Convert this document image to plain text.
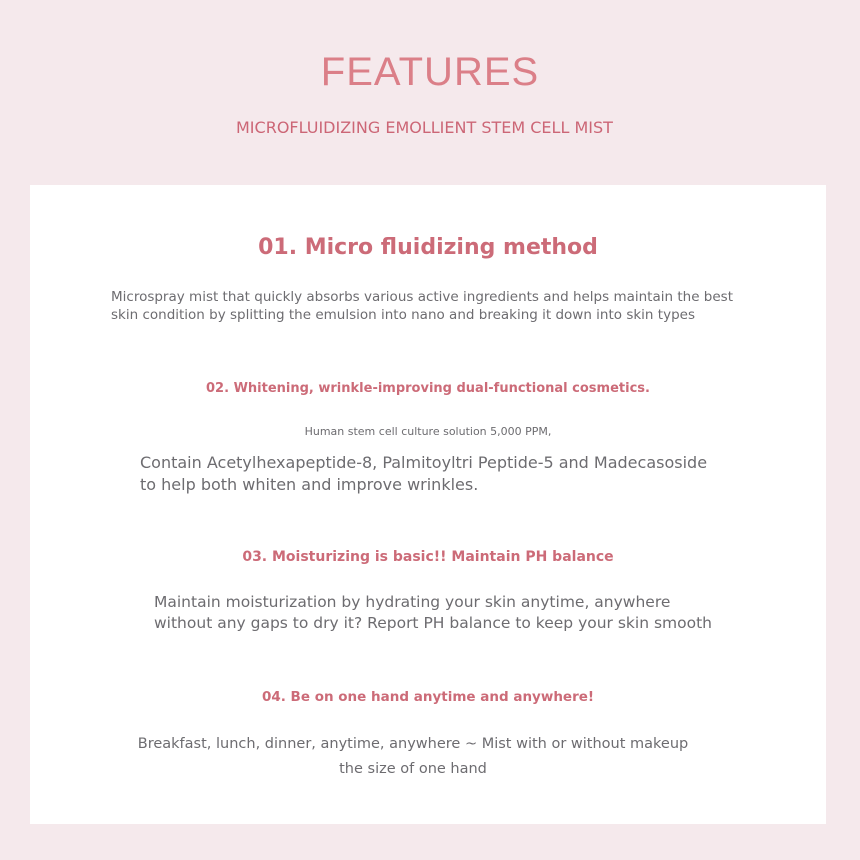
FEATURES

MICROFLUIDIZING EMOLLIENT STEM CELL MIST

01. Micro fluidizing method

Microspray mist that quickly absorbs various active ingredients and helps maintain the best
skin condition by splitting the emulsion into nano and breaking it down into skin types

02. Whitening, wrinkle-improving dual-functional cosmetics.

Human stem cell culture solution 5,000 PPM,

Contain Acetylhexapeptide-8, Palmitoyltri Peptide-5 and Madecasoside
to help both whiten and improve wrinkles.

03. Moisturizing is basic!! Maintain PH balance

Maintain moisturization by hydrating your skin anytime, anywhere
without any gaps to dry it? Report PH balance to keep your skin smooth

04. Be on one hand anytime and anywhere!

Breakfast, lunch, dinner, anytime, anywhere ~ Mist with or without makeup
the size of one hand
